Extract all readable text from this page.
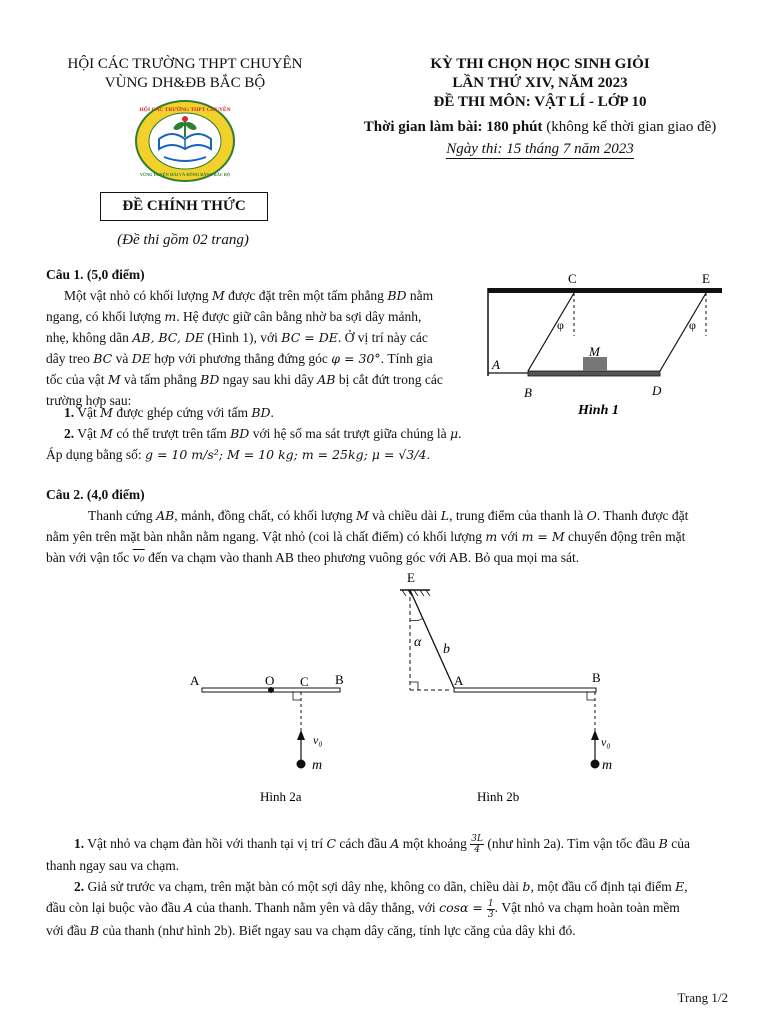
HỘI CÁC TRƯỜNG THPT CHUYÊN
VÙNG DH&ĐB BẮC BỘ
HỘI CÁC TRƯỜNG THPT CHUYÊN
VÙNG DUYÊN HẢI VÀ ĐỒNG BẰNG BẮC BỘ
ĐỀ CHÍNH THỨC
(Đề thi gồm 02 trang)
KỲ THI CHỌN HỌC SINH GIỎI
LẦN THỨ XIV, NĂM 2023
ĐỀ THI MÔN: VẬT LÍ - LỚP 10
Thời gian làm bài: 180 phút (không kể thời gian giao đề)
Ngày thi: 15 tháng 7 năm 2023
Câu 1. (5,0 điểm)
Một vật nhỏ có khối lượng M được đặt trên một tấm phẳng BD nằm
ngang, có khối lượng m. Hệ được giữ cân bằng nhờ ba sợi dây mảnh,
nhẹ, không dãn AB, BC, DE (Hình 1), với BC = DE. Ở vị trí này các
dây treo BC và DE hợp với phương thẳng đứng góc φ = 30°. Tính gia
tốc của vật M và tấm phẳng BD ngay sau khi dây AB bị cắt đứt trong các
trường hợp sau:
1. Vật M được ghép cứng với tấm BD.
2. Vật M có thể trượt trên tấm BD với hệ số ma sát trượt giữa chúng là μ.
Áp dụng bằng số: g = 10 m/s²; M = 10 kg; m = 25kg; μ = √3/4.
C	E
A
B	D
M
φ	φ
Hình 1
Câu 2. (4,0 điểm)
Thanh cứng AB, mảnh, đồng chất, có khối lượng M và chiều dài L, trung điểm của thanh là O. Thanh được đặt
nằm yên trên mặt bàn nhẵn nằm ngang. Vật nhỏ (coi là chất điểm) có khối lượng m với m = M chuyển động trên mặt
bàn với vận tốc v₀ đến va chạm vào thanh AB theo phương vuông góc với AB. Bỏ qua mọi ma sát.
A	O C B
v₀
m
Hình 2a
E
α b
A	B
v₀
m
Hình 2b
1. Vật nhỏ va chạm đàn hồi với thanh tại vị trí C cách đầu A một khoảng $\frac{3L}{4}$ (như hình 2a). Tìm vận tốc đầu B của
thanh ngay sau va chạm.
2. Giả sử trước va chạm, trên mặt bàn có một sợi dây nhẹ, không co dãn, chiều dài b, một đầu cố định tại điểm E,
đầu còn lại buộc vào đầu A của thanh. Thanh nằm yên và dây thẳng, với $\cos\alpha = \frac{1}{3}$ . Vật nhỏ va chạm hoàn toàn mềm
với đầu B của thanh (như hình 2b). Biết ngay sau va chạm dây căng, tính lực căng của dây khi đó.
Trang 1/2
